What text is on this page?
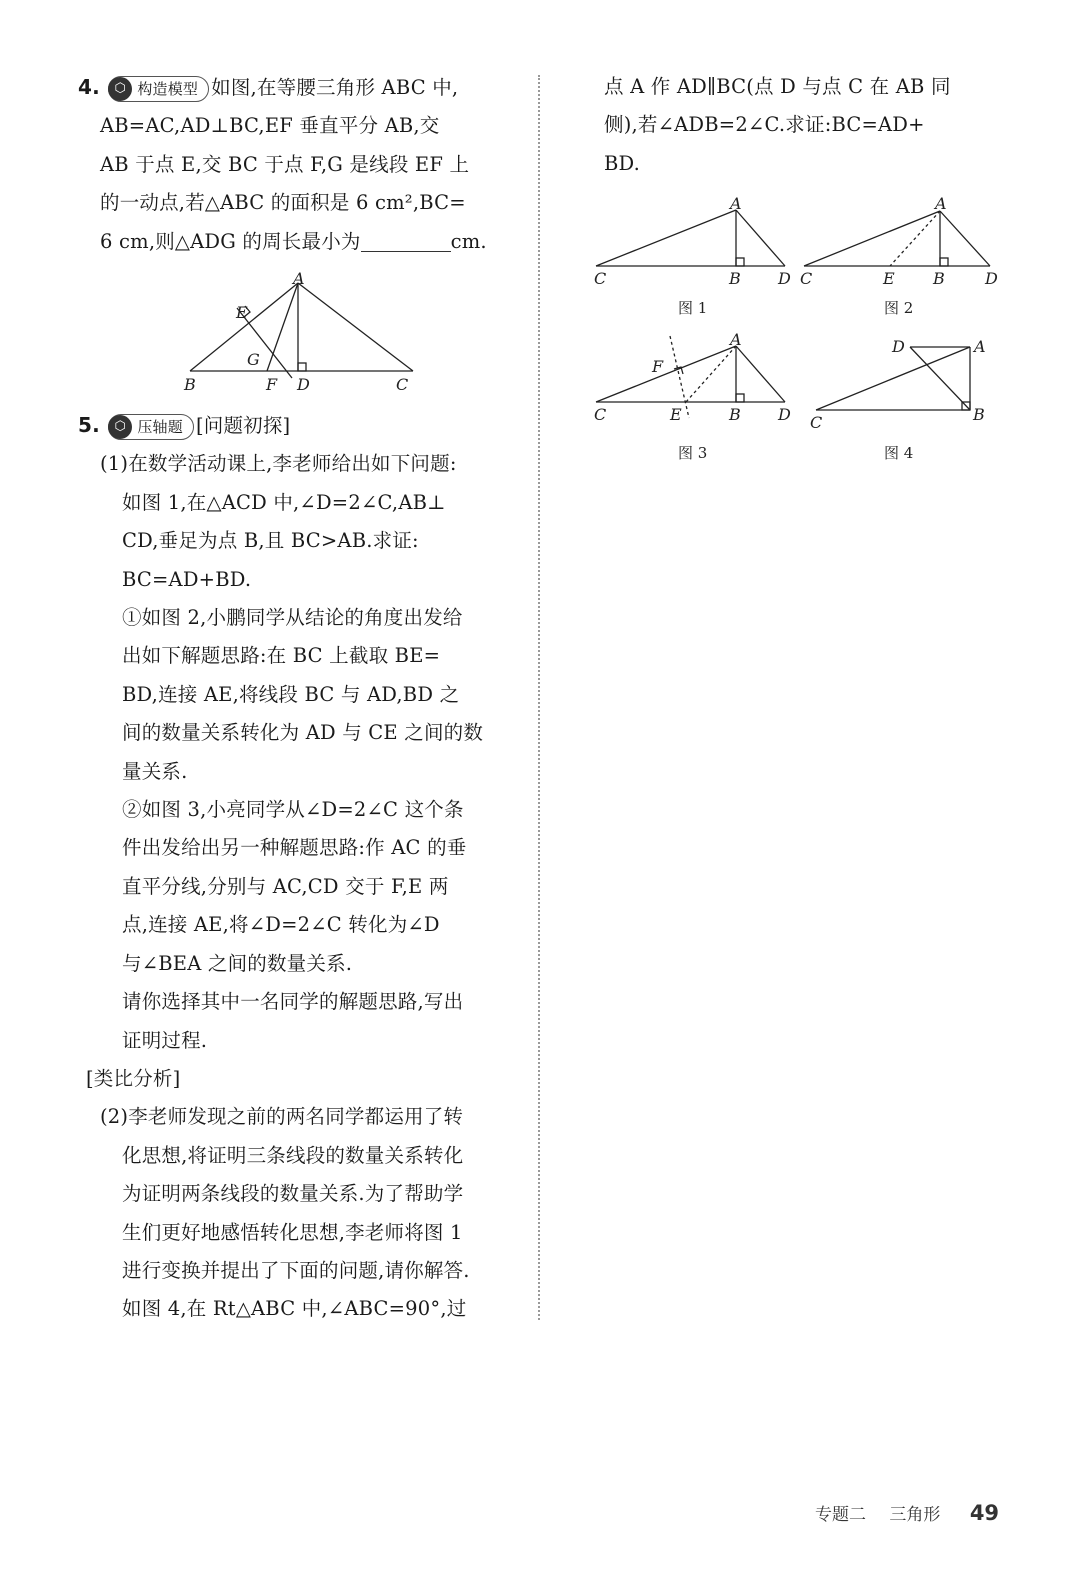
4.	⬡ 构造模型 如图,在等腰三角形 ABC 中,
AB=AC,AD⊥BC,EF 垂直平分 AB,交
AB 于点 E,交 BC 于点 F,G 是线段 EF 上
的一动点,若△ABC 的面积是 6 cm²,BC=
6 cm,则△ADG 的周长最小为	cm.
A
E
G
B	F D	C
5.	⬡ 压轴题 [问题初探]
(1)在数学活动课上,李老师给出如下问题:
如图 1,在△ACD 中,∠D=2∠C,AB⊥
CD,垂足为点 B,且 BC>AB.求证:
BC=AD+BD.
①如图 2,小鹏同学从结论的角度出发给
出如下解题思路:在 BC 上截取 BE=
BD,连接 AE,将线段 BC 与 AD,BD 之
间的数量关系转化为 AD 与 CE 之间的数
量关系.
②如图 3,小亮同学从∠D=2∠C 这个条
件出发给出另一种解题思路:作 AC 的垂
直平分线,分别与 AC,CD 交于 F,E 两
点,连接 AE,将∠D=2∠C 转化为∠D
与∠BEA 之间的数量关系.
请你选择其中一名同学的解题思路,写出
证明过程.
[类比分析]
(2)李老师发现之前的两名同学都运用了转
化思想,将证明三条线段的数量关系转化
为证明两条线段的数量关系.为了帮助学
生们更好地感悟转化思想,李老师将图 1
进行变换并提出了下面的问题,请你解答.
如图 4,在 Rt△ABC 中,∠ABC=90°,过
点 A 作 AD∥BC(点 D 与点 C 在 AB 同
侧),若∠ADB=2∠C.求证:BC=AD+
BD.
A
C	B D
图 1
A
C	E B	D
图 2
A
F
C	E	B D
图 3
D	A
C	B
图 4
专题二 三角形 49
